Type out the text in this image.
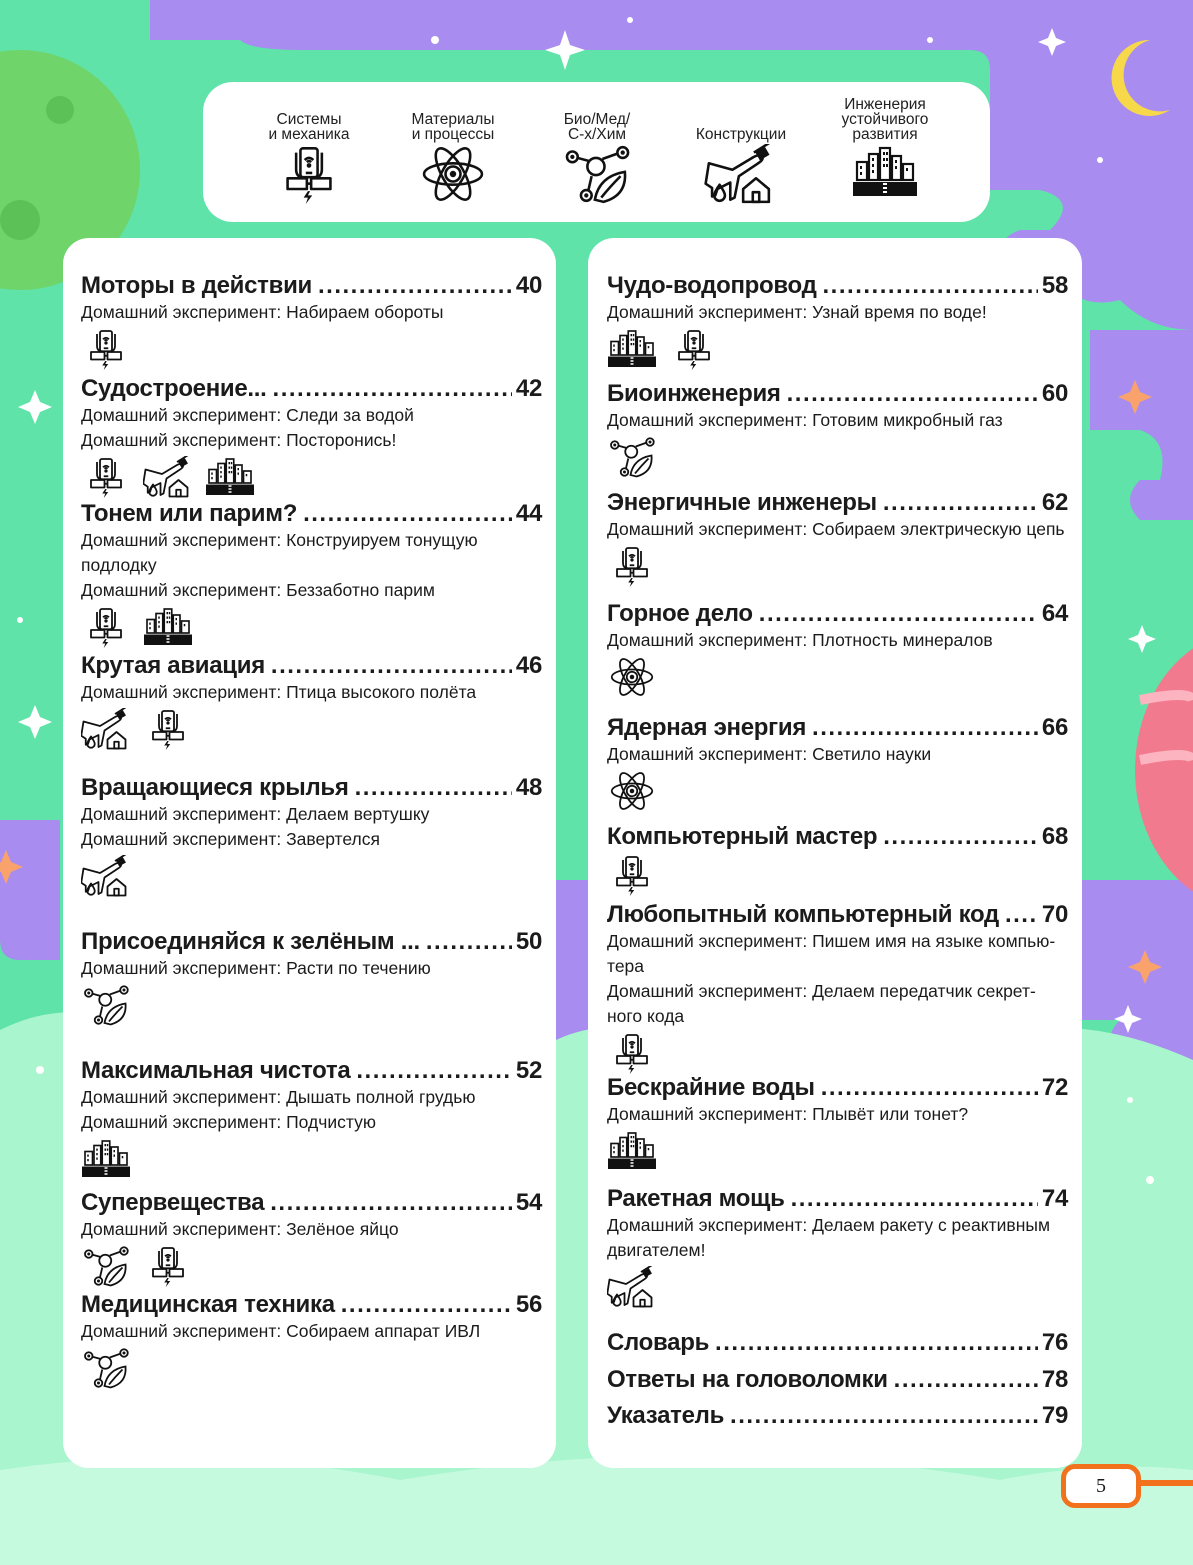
Системы
и механика
Материалы
и процессы
Био/Мед/
С-х/Хим	Конструкции
Инженерия
устойчивого
развития
Моторы в действии .....	40
Домашний эксперимент: Набираем обороты
Судостроение... .....	42
Домашний эксперимент: Следи за водой
Домашний эксперимент: Посторонись!
Тонем или парим? .....	44
Домашний эксперимент: Конструируем тонущую подлодку
Домашний эксперимент: Беззаботно парим
Крутая авиация .....	46
Домашний эксперимент: Птица высокого полёта
Вращающиеся крылья .....	48
Домашний эксперимент: Делаем вертушку
Домашний эксперимент: Завертелся
Присоединяйся к зелёным ... .....	50
Домашний эксперимент: Расти по течению
Максимальная чистота .....	52
Домашний эксперимент: Дышать полной грудью
Домашний эксперимент: Подчистую
Супервещества .....	54
Домашний эксперимент: Зелёное яйцо
Медицинская техника .....	56
Домашний эксперимент: Собираем аппарат ИВЛ
Чудо-водопровод .....	58
Домашний эксперимент: Узнай время по воде!
Биоинженерия .....	60
Домашний эксперимент: Готовим микробный газ
Энергичные инженеры .....	62
Домашний эксперимент: Собираем электрическую цепь
Горное дело .....	64
Домашний эксперимент: Плотность минералов
Ядерная энергия .....	66
Домашний эксперимент: Светило науки
Компьютерный мастер .....	68
Любопытный компьютерный код ..... 70
Домашний эксперимент: Пишем имя на языке компью-тера
Домашний эксперимент: Делаем передатчик секрет-ного кода
Бескрайние воды .....	72
Домашний эксперимент: Плывёт или тонет?
Ракетная мощь .....	74
Домашний эксперимент: Делаем ракету с реактивным двигателем!
Словарь .....	76
Ответы на головоломки .....	78
Указатель .....	79
5
